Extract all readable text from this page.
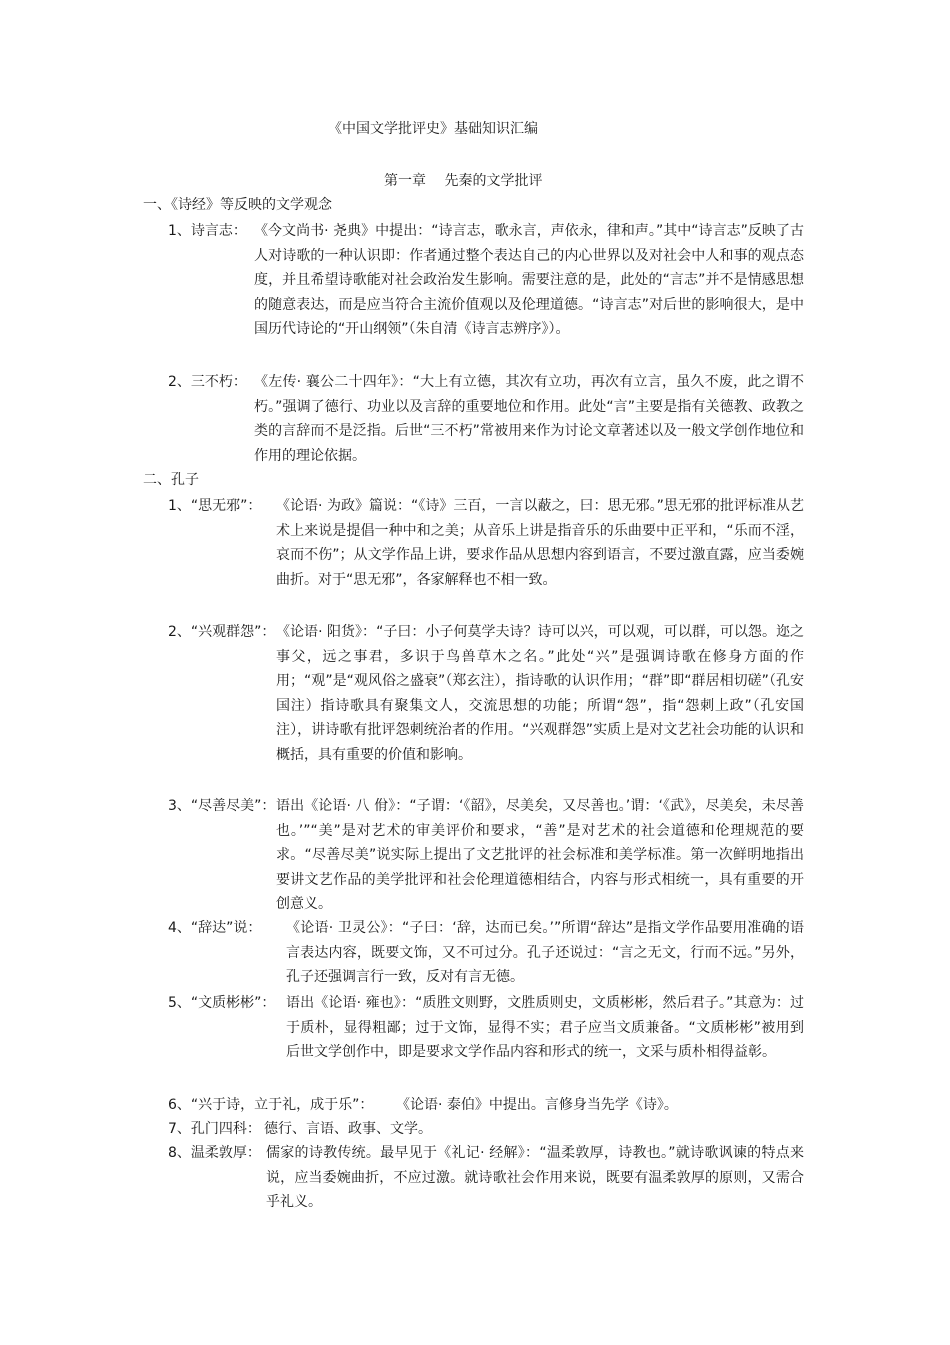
《中国文学批评史》基础知识汇编
第一章　 先秦的文学批评
一、《诗经》等反映的文学观念
1、诗言志： 《今文尚书· 尧典》中提出：“诗言志，歌永言，声依永，律和声。”其中“诗言志”反映了古人对诗歌的一种认识即：作者通过整个表达自己的内心世界以及对社会中人和事的观点态度，并且希望诗歌能对社会政治发生影响。需要注意的是，此处的“言志”并不是情感思想的随意表达，而是应当符合主流价值观以及伦理道德。“诗言志”对后世的影响很大，是中国历代诗论的“开山纲领”（朱自清《诗言志辨序》）。
2、三不朽： 《左传· 襄公二十四年》：“大上有立德，其次有立功，再次有立言，虽久不废，此之谓不朽。”强调了德行、功业以及言辞的重要地位和作用。此处“言”主要是指有关德教、政教之类的言辞而不是泛指。后世“三不朽”常被用来作为讨论文章著述以及一般文学创作地位和作用的理论依据。
二、孔子
1、“思无邪”： 《论语· 为政》篇说：“《诗》三百，一言以蔽之，曰：思无邪。”思无邪的批评标准从艺术上来说是提倡一种中和之美；从音乐上讲是指音乐的乐曲要中正平和，“乐而不淫，哀而不伤”；从文学作品上讲，要求作品从思想内容到语言，不要过激直露，应当委婉曲折。对于“思无邪”，各家解释也不相一致。
2、“兴观群怨”： 《论语· 阳货》：“子曰：小子何莫学夫诗？诗可以兴，可以观，可以群，可以怨。迩之事父，远之事君，多识于鸟兽草木之名。”此处“兴”是强调诗歌在修身方面的作用；“观”是“观风俗之盛衰”（郑玄注），指诗歌的认识作用；“群”即“群居相切磋”（孔安国注）指诗歌具有聚集文人，交流思想的功能；所谓“怨”，指“怨刺上政”（孔安国注），讲诗歌有批评怨刺统治者的作用。“兴观群怨”实质上是对文艺社会功能的认识和概括，具有重要的价值和影响。
3、“尽善尽美”： 语出《论语· 八 佾》：“子谓：‘《韶》，尽美矣，又尽善也。’谓：‘《武》，尽美矣，未尽善也。’”“美”是对艺术的审美评价和要求，“善”是对艺术的社会道德和伦理规范的要求。“尽善尽美”说实际上提出了文艺批评的社会标准和美学标准。第一次鲜明地指出要讲文艺作品的美学批评和社会伦理道德相结合，内容与形式相统一，具有重要的开创意义。
4、“辞达”说： 《论语· 卫灵公》：“子曰：‘辞，达而已矣。’”所谓“辞达”是指文学作品要用准确的语言表达内容，既要文饰，又不可过分。孔子还说过：“言之无文，行而不远。”另外，孔子还强调言行一致，反对有言无德。
5、“文质彬彬”： 语出《论语· 雍也》：“质胜文则野，文胜质则史，文质彬彬，然后君子。”其意为：过于质朴，显得粗鄙；过于文饰，显得不实；君子应当文质兼备。“文质彬彬”被用到后世文学创作中，即是要求文学作品内容和形式的统一，文采与质朴相得益彰。
6、“兴于诗，立于礼，成于乐”： 《论语· 泰伯》中提出。言修身当先学《诗》。
7、孔门四科： 德行、言语、政事、文学。
8、温柔敦厚： 儒家的诗教传统。最早见于《礼记· 经解》：“温柔敦厚，诗教也。”就诗歌讽谏的特点来说，应当委婉曲折，不应过激。就诗歌社会作用来说，既要有温柔敦厚的原则，又需合乎礼义。
